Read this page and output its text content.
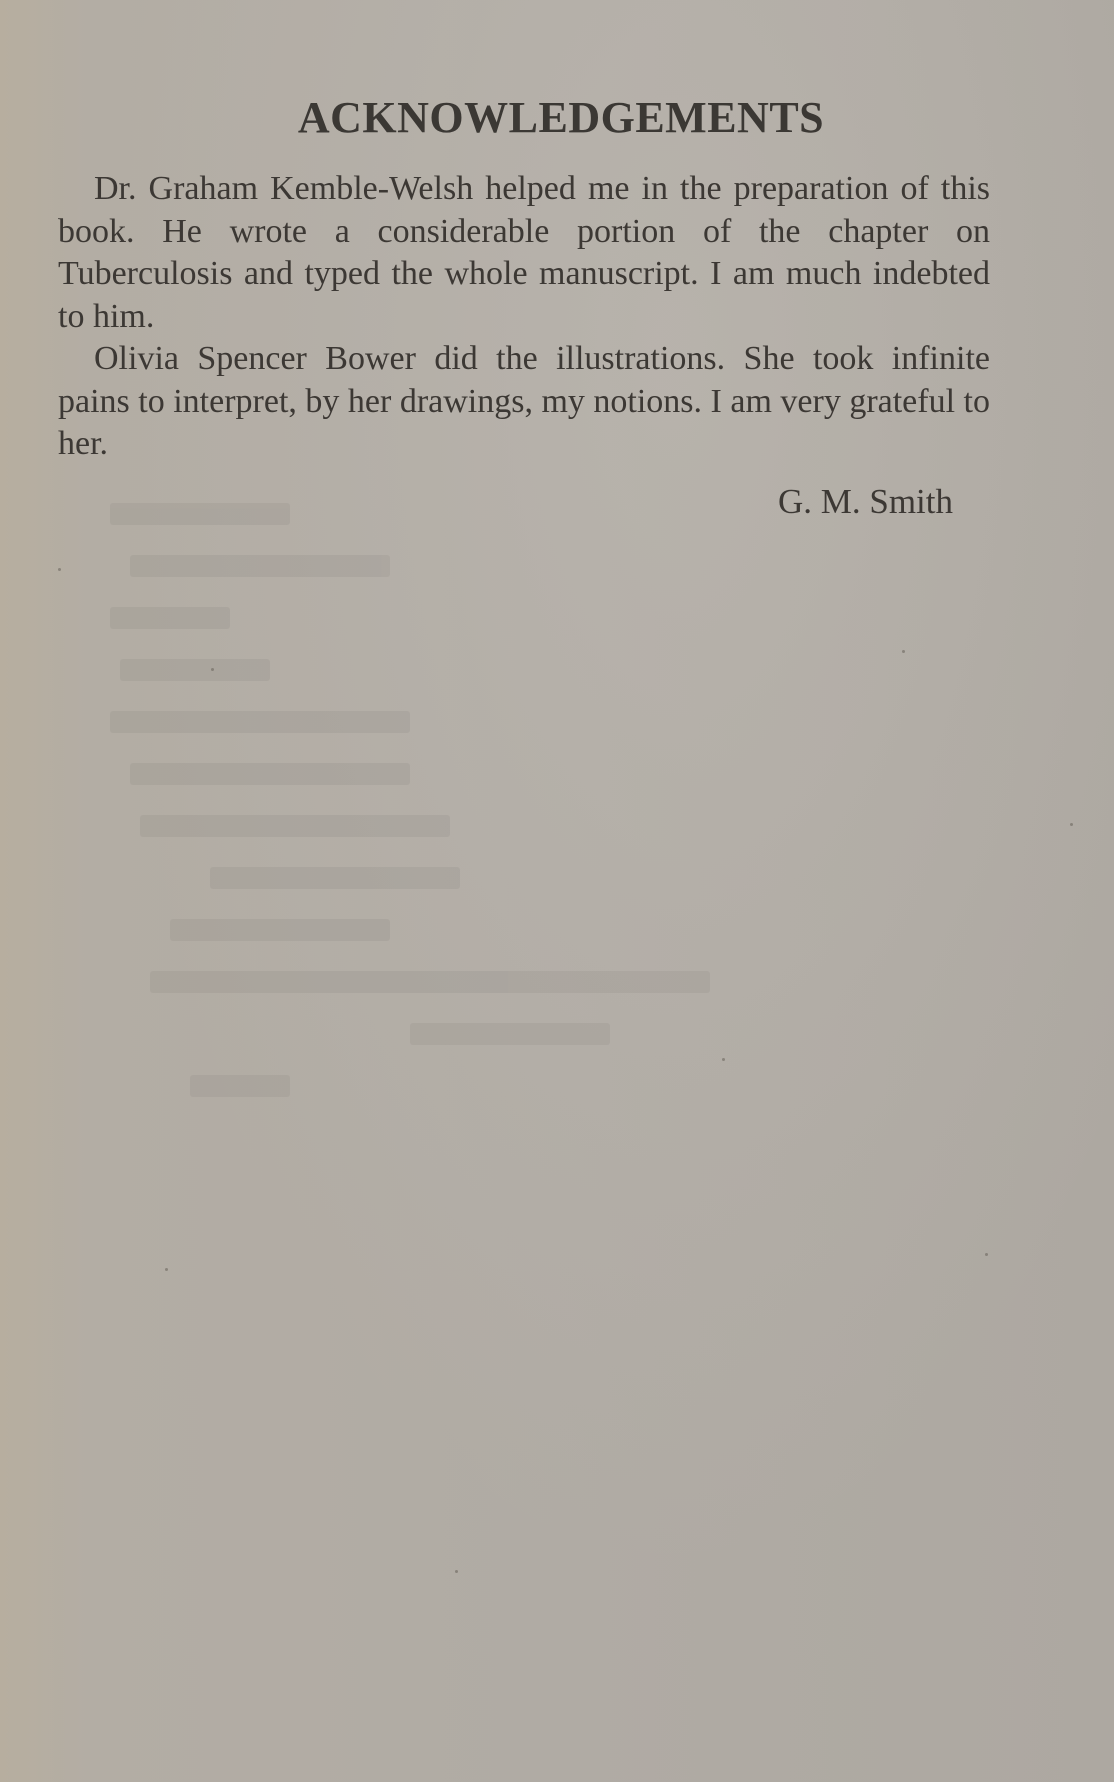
ACKNOWLEDGEMENTS

Dr. Graham Kemble-Welsh helped me in the preparation of this book. He wrote a considerable portion of the chapter on Tuberculosis and typed the whole manuscript. I am much indebted to him.

Olivia Spencer Bower did the illustrations. She took infinite pains to interpret, by her drawings, my notions. I am very grateful to her.

G. M. Smith
